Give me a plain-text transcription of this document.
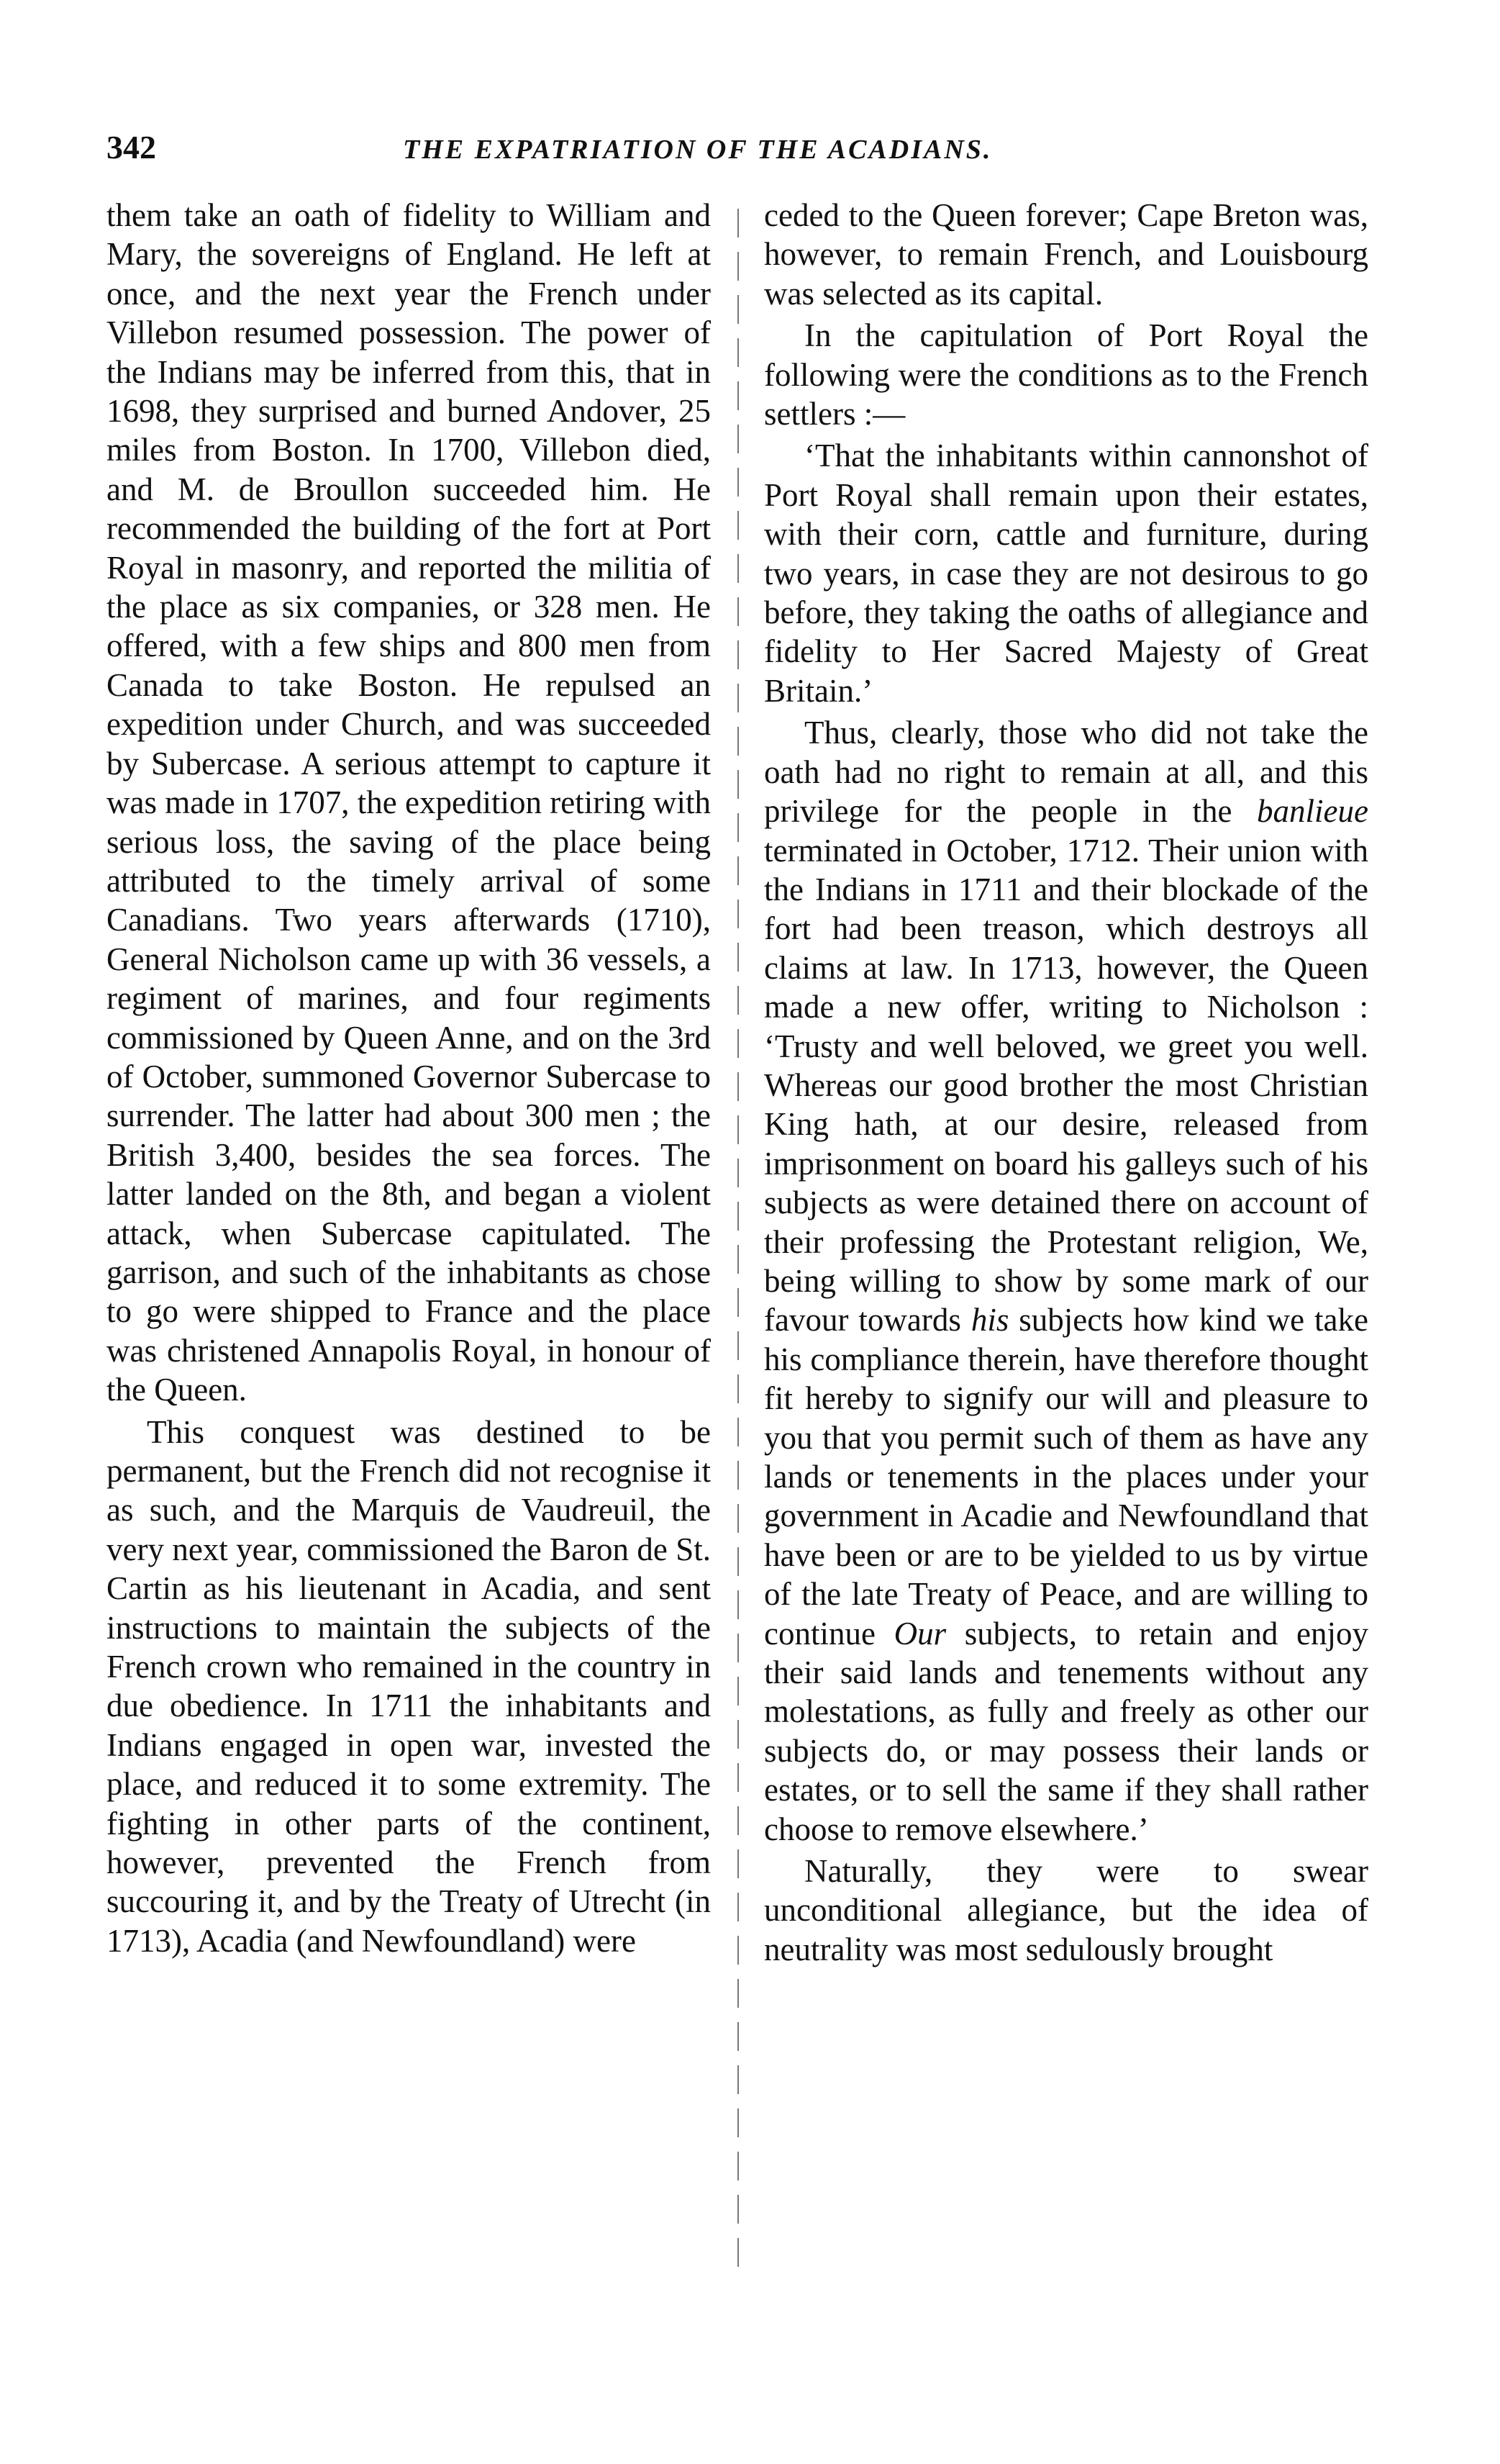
342	THE EXPATRIATION OF THE ACADIANS.

them take an oath of fidelity to William and Mary, the sovereigns of England. He left at once, and the next year the French under Villebon resumed possession. The power of the Indians may be inferred from this, that in 1698, they surprised and burned Andover, 25 miles from Boston. In 1700, Villebon died, and M. de Broullon succeeded him. He recommended the building of the fort at Port Royal in masonry, and reported the militia of the place as six companies, or 328 men. He offered, with a few ships and 800 men from Canada to take Boston. He repulsed an expedition under Church, and was succeeded by Subercase. A serious attempt to capture it was made in 1707, the expedition retiring with serious loss, the saving of the place being attributed to the timely arrival of some Canadians. Two years afterwards (1710), General Nicholson came up with 36 vessels, a regiment of marines, and four regiments commissioned by Queen Anne, and on the 3rd of October, summoned Governor Subercase to surrender. The latter had about 300 men ; the British 3,400, besides the sea forces. The latter landed on the 8th, and began a violent attack, when Subercase capitulated. The garrison, and such of the inhabitants as chose to go were shipped to France and the place was christened Annapolis Royal, in honour of the Queen.

This conquest was destined to be permanent, but the French did not recognise it as such, and the Marquis de Vaudreuil, the very next year, commissioned the Baron de St. Cartin as his lieutenant in Acadia, and sent instructions to maintain the subjects of the French crown who remained in the country in due obedience. In 1711 the inhabitants and Indians engaged in open war, invested the place, and reduced it to some extremity. The fighting in other parts of the continent, however, prevented the French from succouring it, and by the Treaty of Utrecht (in 1713), Acadia (and Newfoundland) were

ceded to the Queen forever; Cape Breton was, however, to remain French, and Louisbourg was selected as its capital.

In the capitulation of Port Royal the following were the conditions as to the French settlers :—

‘That the inhabitants within cannonshot of Port Royal shall remain upon their estates, with their corn, cattle and furniture, during two years, in case they are not desirous to go before, they taking the oaths of allegiance and fidelity to Her Sacred Majesty of Great Britain.’

Thus, clearly, those who did not take the oath had no right to remain at all, and this privilege for the people in the banlieue terminated in October, 1712. Their union with the Indians in 1711 and their blockade of the fort had been treason, which destroys all claims at law. In 1713, however, the Queen made a new offer, writing to Nicholson : ‘Trusty and well beloved, we greet you well. Whereas our good brother the most Christian King hath, at our desire, released from imprisonment on board his galleys such of his subjects as were detained there on account of their professing the Protestant religion, We, being willing to show by some mark of our favour towards his subjects how kind we take his compliance therein, have therefore thought fit hereby to signify our will and pleasure to you that you permit such of them as have any lands or tenements in the places under your government in Acadie and Newfoundland that have been or are to be yielded to us by virtue of the late Treaty of Peace, and are willing to continue Our subjects, to retain and enjoy their said lands and tenements without any molestations, as fully and freely as other our subjects do, or may possess their lands or estates, or to sell the same if they shall rather choose to remove elsewhere.’

Naturally, they were to swear unconditional allegiance, but the idea of neutrality was most sedulously brought
